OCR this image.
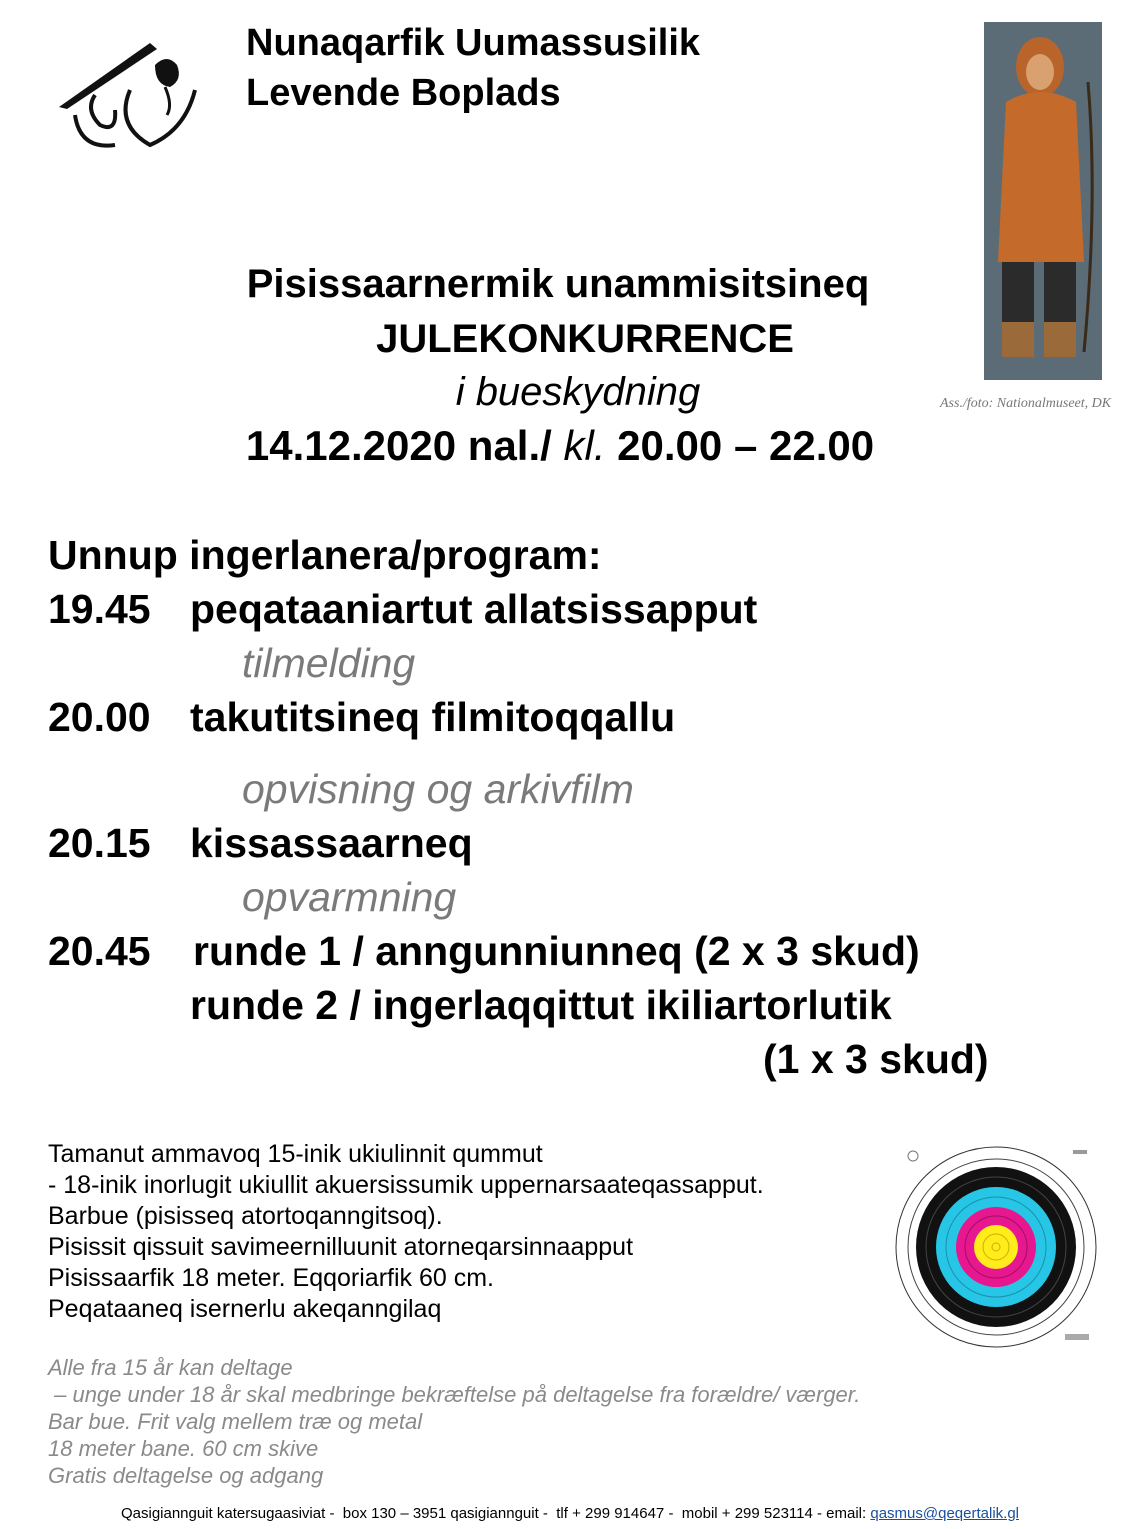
Nunaqarfik Uumassusilik
Levende Boplads
Ass./foto: Nationalmuseet, DK
Pisissaarnermik unammisitsineq
JULEKONKURRENCE
i bueskydning
14.12.2020 nal./ kl. 20.00 – 22.00
Unnup ingerlanera/program:
19.45 peqataaniartut allatsissapput
tilmelding
20.00 takutitsineq filmitoqqallu
opvisning og arkivfilm
20.15 kissassaarneq
opvarmning
20.45 runde 1 / anngunniunneq (2 x 3 skud)
runde 2 / ingerlaqqittut ikiliartorlutik
(1 x 3 skud)
Tamanut ammavoq 15-inik ukiulinnit qummut
- 18-inik inorlugit ukiullit akuersissumik uppernarsaateqassapput.
Barbue (pisisseq atortoqanngitsoq).
Pisissit qissuit savimeernilluunit atorneqarsinnaapput
Pisissaarfik 18 meter. Eqqoriarfik 60 cm.
Peqataaneq isernerlu akeqanngilaq
Alle fra 15 år kan deltage
– unge under 18 år skal medbringe bekræftelse på deltagelse fra forældre/ værger.
Bar bue. Frit valg mellem træ og metal
18 meter bane. 60 cm skive
Gratis deltagelse og adgang
Qasigiannguit katersugaasiviat -  box 130 – 3951 qasigiannguit -  tlf + 299 914647 -  mobil + 299 523114 - email: qasmus@qeqertalik.gl
